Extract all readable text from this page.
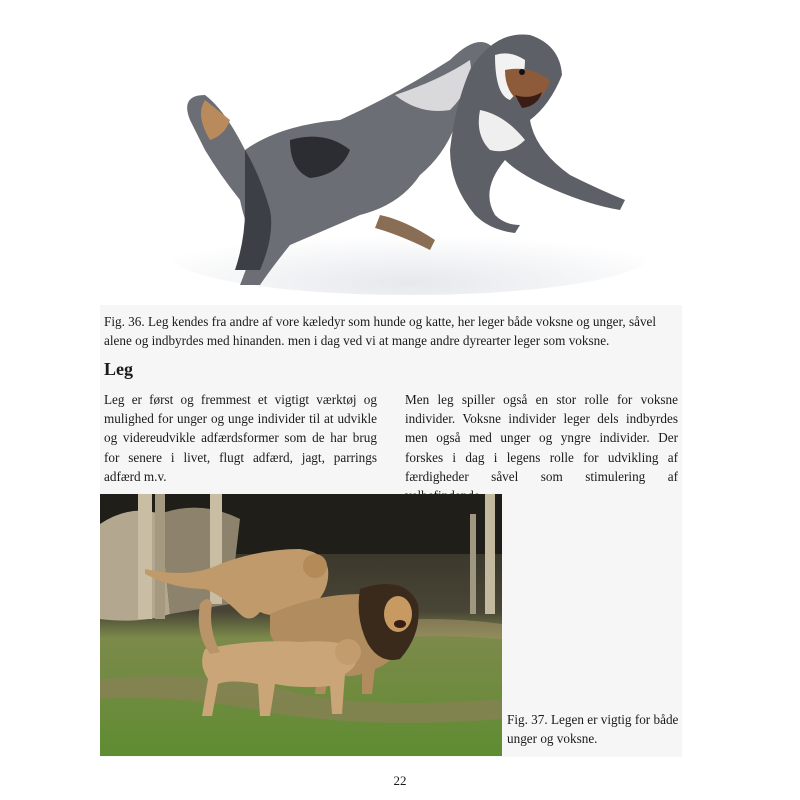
Fig. 36. Leg kendes fra andre af vore kæledyr som hunde og katte, her leger både voksne og unger, såvel alene og indbyrdes med hinanden. men i dag ved vi at mange andre dyrearter leger som voksne.
Leg
Leg er først og fremmest et vigtigt værktøj og mulighed for unger og unge individer til at udvikle og videreudvikle adfærdsformer som de har brug for senere i livet, flugt adfærd, jagt, parrings adfærd m.v.
Men leg spiller også en stor rolle for voksne individer. Voksne individer leger dels indbyrdes men også med unger og yngre individer. Der forskes i dag i legens rolle for udvikling af færdigheder såvel som stimulering af
Fig. 37. Legen er vigtig for både unger og voksne.
22
